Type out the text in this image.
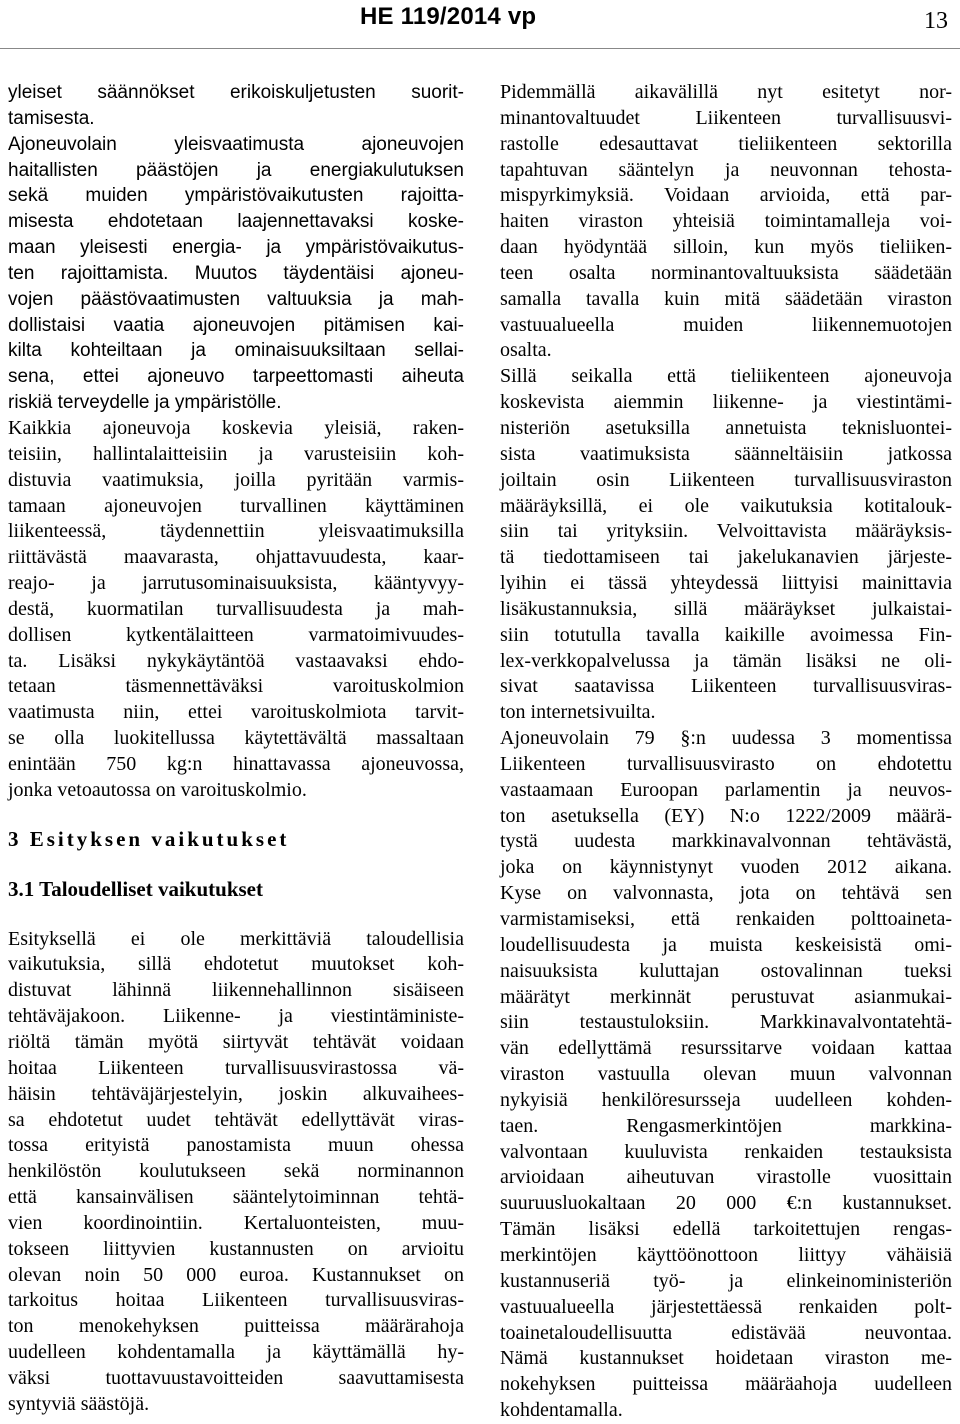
HE 119/2014 vp	13
yleiset säännökset erikoiskuljetusten suorit-
tamisesta.
Ajoneuvolain yleisvaatimusta ajoneuvojen
haitallisten päästöjen ja energiakulutuksen
sekä muiden ympäristövaikutusten rajoitta-
misesta ehdotetaan laajennettavaksi koske-
maan yleisesti energia- ja ympäristövaikutus-
ten rajoittamista. Muutos täydentäisi ajoneu-
vojen päästövaatimusten valtuuksia ja mah-
dollistaisi vaatia ajoneuvojen pitämisen kai-
kilta kohteiltaan ja ominaisuuksiltaan sellai-
sena, ettei ajoneuvo tarpeettomasti aiheuta
riskiä terveydelle ja ympäristölle.
Kaikkia ajoneuvoja koskevia yleisiä, raken-
teisiin, hallintalaitteisiin ja varusteisiin koh-
distuvia vaatimuksia, joilla pyritään varmis-
tamaan ajoneuvojen turvallinen käyttäminen
liikenteessä, täydennettiin yleisvaatimuksilla
riittävästä maavarasta, ohjattavuudesta, kaar-
reajo- ja jarrutusominaisuuksista, kääntyvyy-
destä, kuormatilan turvallisuudesta ja mah-
dollisen kytkentälaitteen varmatoimivuudes-
ta. Lisäksi nykykäytäntöä vastaavaksi ehdo-
tetaan täsmennettäväksi varoituskolmion
vaatimusta niin, ettei varoituskolmiota tarvit-
se olla luokitellussa käytettävältä massaltaan
enintään 750 kg:n hinattavassa ajoneuvossa,
jonka vetoautossa on varoituskolmio.
3 Esityksen vaikutukset
3.1 Taloudelliset vaikutukset
Esityksellä ei ole merkittäviä taloudellisia
vaikutuksia, sillä ehdotetut muutokset koh-
distuvat lähinnä liikennehallinnon sisäiseen
tehtäväjakoon. Liikenne- ja viestintäministe-
riöltä tämän myötä siirtyvät tehtävät voidaan
hoitaa Liikenteen turvallisuusvirastossa vä-
häisin tehtäväjärjestelyin, joskin alkuvaihees-
sa ehdotetut uudet tehtävät edellyttävät viras-
tossa erityistä panostamista muun ohessa
henkilöstön koulutukseen sekä norminannon
että kansainvälisen sääntelytoiminnan tehtä-
vien koordinointiin. Kertaluonteisten, muu-
tokseen liittyvien kustannusten on arvioitu
olevan noin 50 000 euroa. Kustannukset on
tarkoitus hoitaa Liikenteen turvallisuusviras-
ton menokehyksen puitteissa määrärahoja
uudelleen kohdentamalla ja käyttämällä hy-
väksi tuottavuustavoitteiden saavuttamisesta
syntyviä säästöjä.
Pidemmällä aikavälillä nyt esitetyt nor-
minantovaltuudet Liikenteen turvallisuusvi-
rastolle edesauttavat tieliikenteen sektorilla
tapahtuvan sääntelyn ja neuvonnan tehosta-
mispyrkimyksiä. Voidaan arvioida, että par-
haiten viraston yhteisiä toimintamalleja voi-
daan hyödyntää silloin, kun myös tieliiken-
teen osalta norminantovaltuuksista säädetään
samalla tavalla kuin mitä säädetään viraston
vastuualueella muiden liikennemuotojen
osalta.
Sillä seikalla että tieliikenteen ajoneuvoja
koskevista aiemmin liikenne- ja viestintämi-
nisteriön asetuksilla annetuista teknisluontei-
sista vaatimuksista säänneltäisiin jatkossa
joiltain osin Liikenteen turvallisuusviraston
määräyksillä, ei ole vaikutuksia kotitalouk-
siin tai yrityksiin. Velvoittavista määräyksis-
tä tiedottamiseen tai jakelukanavien järjeste-
lyihin ei tässä yhteydessä liittyisi mainittavia
lisäkustannuksia, sillä määräykset julkaistai-
siin totutulla tavalla kaikille avoimessa Fin-
lex-verkkopalvelussa ja tämän lisäksi ne oli-
sivat saatavissa Liikenteen turvallisuusviras-
ton internetsivuilta.
Ajoneuvolain 79 §:n uudessa 3 momentissa
Liikenteen turvallisuusvirasto on ehdotettu
vastaamaan Euroopan parlamentin ja neuvos-
ton asetuksella (EY) N:o 1222/2009 määrä-
tystä uudesta markkinavalvonnan tehtävästä,
joka on käynnistynyt vuoden 2012 aikana.
Kyse on valvonnasta, jota on tehtävä sen
varmistamiseksi, että renkaiden polttoaineta-
loudellisuudesta ja muista keskeisistä omi-
naisuuksista kuluttajan ostovalinnan tueksi
määrätyt merkinnät perustuvat asianmukai-
siin testaustuloksiin. Markkinavalvontatehtä-
vän edellyttämä resurssitarve voidaan kattaa
viraston vastuulla olevan muun valvonnan
nykyisiä henkilöresursseja uudelleen kohden-
taen. Rengasmerkintöjen markkina-
valvontaan kuuluvista renkaiden testauksista
arvioidaan aiheutuvan virastolle vuosittain
suuruusluokaltaan 20 000 €:n kustannukset.
Tämän lisäksi edellä tarkoitettujen rengas-
merkintöjen käyttöönottoon liittyy vähäisiä
kustannuseriä työ- ja elinkeinoministeriön
vastuualueella järjestettäessä renkaiden polt-
toainetaloudellisuutta edistävää neuvontaa.
Nämä kustannukset hoidetaan viraston me-
nokehyksen puitteissa määräahoja uudelleen
kohdentamalla.
